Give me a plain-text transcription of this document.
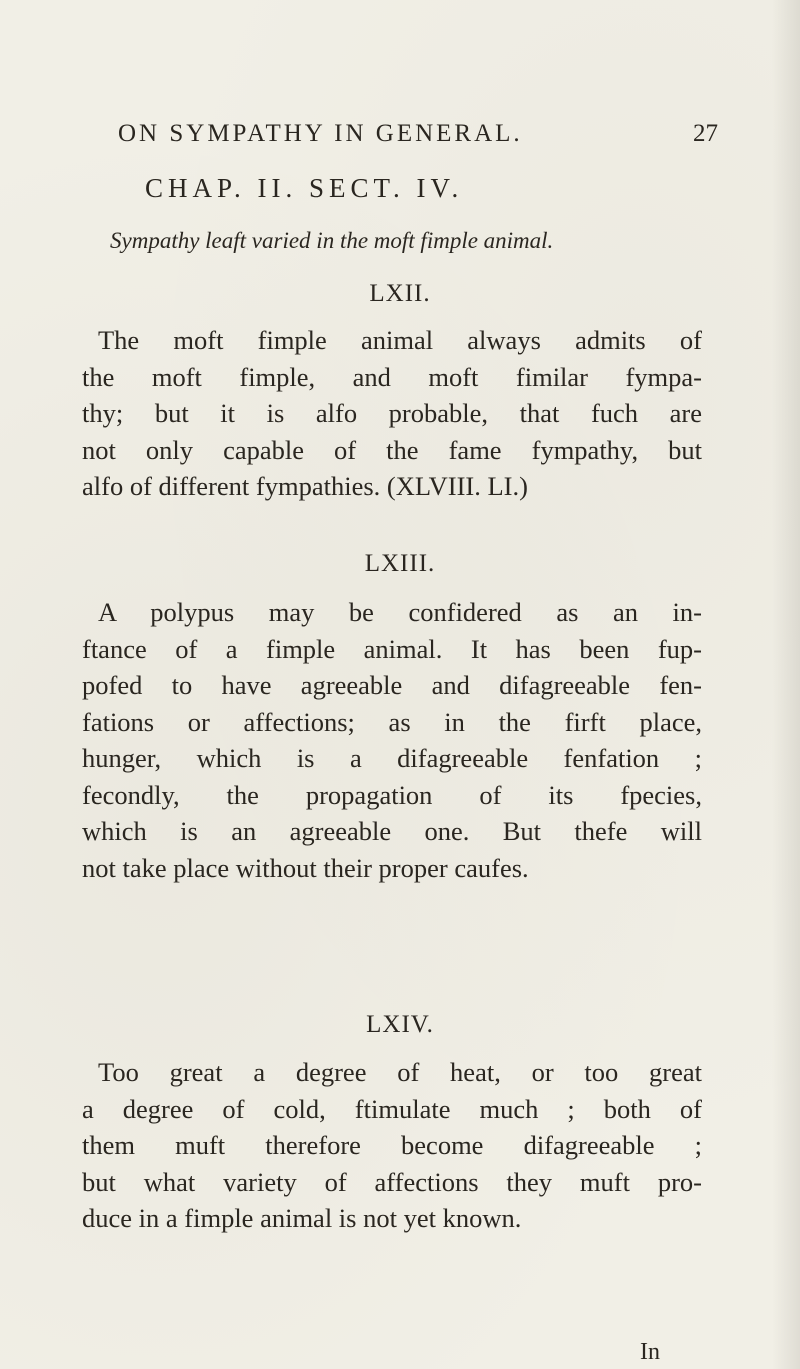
ON SYMPATHY IN GENERAL.	27
CHAP. II. SECT. IV.
Sympathy leaft varied in the moft fimple animal.
LXII.
The moft fimple animal always admits of
the moft fimple, and moft fimilar fympa-
thy; but it is alfo probable, that fuch are
not only capable of the fame fympathy, but
alfo of different fympathies. (XLVIII. LI.)
LXIII.
A polypus may be confidered as an in-
ftance of a fimple animal. It has been fup-
pofed to have agreeable and difagreeable fen-
fations or affections; as in the firft place,
hunger, which is a difagreeable fenfation ;
fecondly, the propagation of its fpecies,
which is an agreeable one. But thefe will
not take place without their proper caufes.
LXIV.
Too great a degree of heat, or too great
a degree of cold, ftimulate much ; both of
them muft therefore become difagreeable ;
but what variety of affections they muft pro-
duce in a fimple animal is not yet known.
In
